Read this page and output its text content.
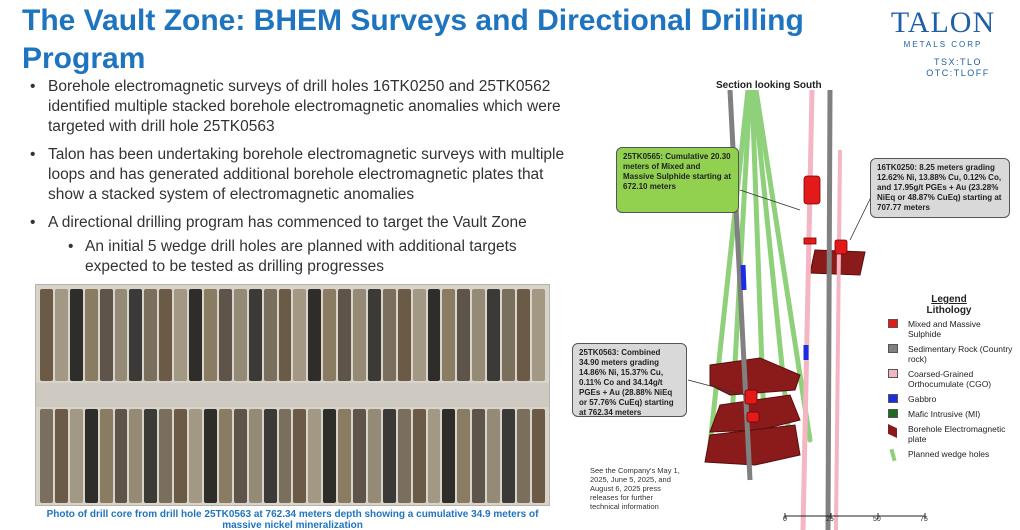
The Vault Zone: BHEM Surveys and Directional Drilling Program
TALON
METALS CORP
TSX:TLO
OTC:TLOFF
• Borehole electromagnetic surveys of drill holes 16TK0250 and 25TK0562 identified multiple stacked borehole electromagnetic anomalies which were targeted with drill hole 25TK0563
• Talon has been undertaking borehole electromagnetic surveys with multiple loops and has generated additional borehole electromagnetic plates that show a stacked system of electromagnetic anomalies
• A directional drilling program has commenced to target the Vault Zone
• An initial 5 wedge drill holes are planned with additional targets expected to be tested as drilling progresses
Photo of drill core from drill hole 25TK0563 at 762.34 meters depth showing a cumulative 34.9 meters of massive nickel mineralization
Section looking South
25TK0565: Cumulative 20.30 meters of Mixed and Massive Sulphide starting at 672.10 meters
16TK0250: 8.25 meters grading 12.62% Ni, 13.88% Cu, 0.12% Co, and 17.95g/t PGEs + Au (23.28% NiEq or 48.87% CuEq) starting at 707.77 meters
25TK0563: Combined 34.90 meters grading 14.86% Ni, 15.37% Cu, 0.11% Co and 34.14g/t PGEs + Au (28.88% NiEq or 57.76% CuEq) starting at 762.34 meters
Legend
Lithology
Mixed and Massive Sulphide
Sedimentary Rock (Country rock)
Coarsed-Grained Orthocumulate (CGO)
Gabbro
Mafic Intrusive (MI)
Borehole Electromagnetic plate
Planned wedge holes
See the Company's May 1, 2025, June 5, 2025, and August 6, 2025 press releases for further technical information
0	25	50	75
